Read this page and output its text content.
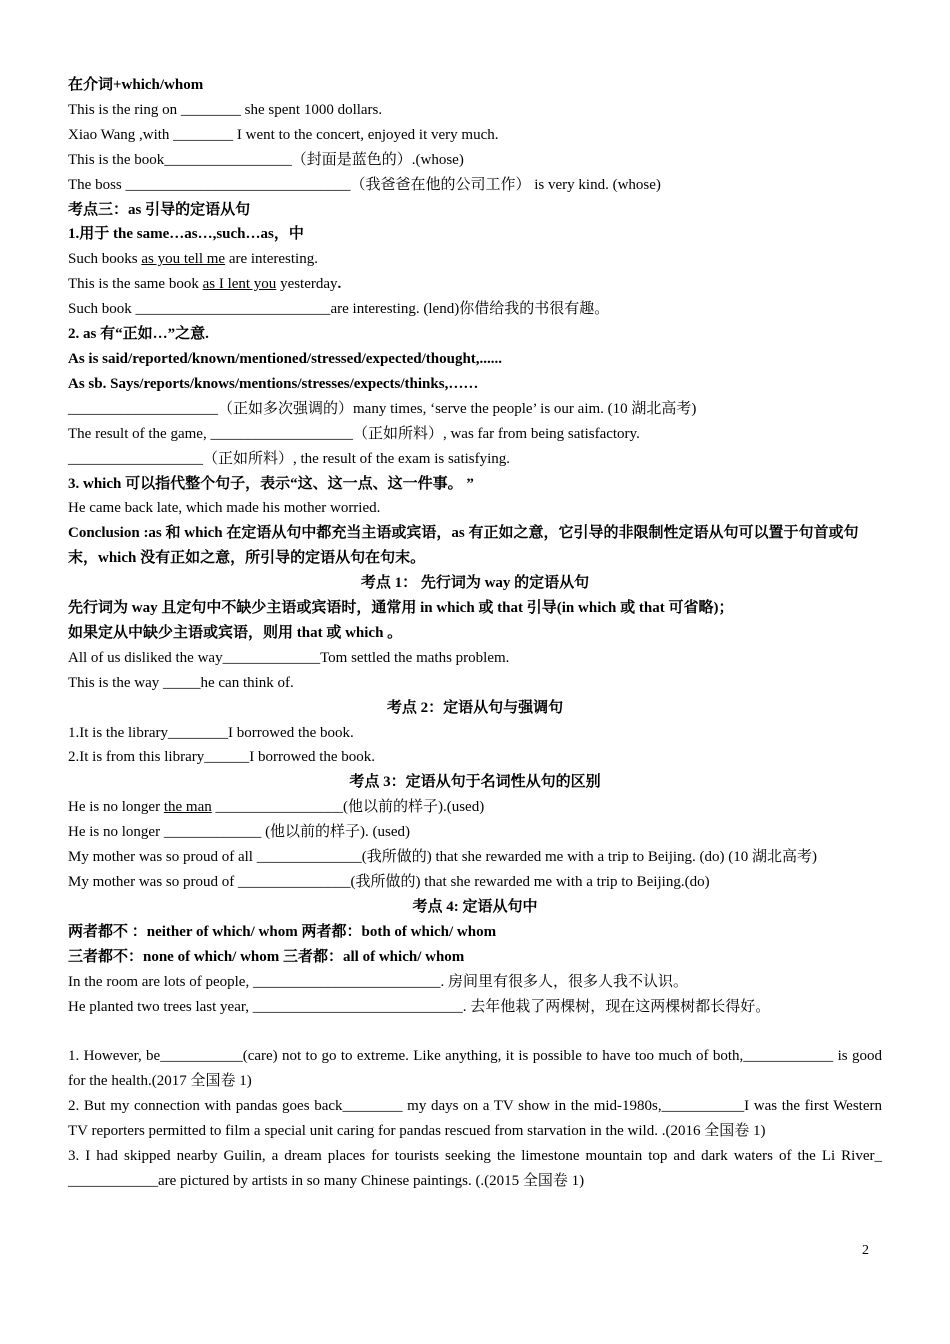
在介词+which/whom
This is the ring on ________ she spent 1000 dollars.
Xiao Wang ,with ________ I went to the concert, enjoyed it very much.
This is the book_________________（封面是蓝色的）.(whose)
The boss ______________________________（我爸爸在他的公司工作） is very kind. (whose)
考点三：as 引导的定语从句
1.用于 the same…as…,such…as，中
Such books as you tell me are interesting.
This is the same book as I lent you yesterday.
Such book __________________________are interesting. (lend)你借给我的书很有趣。
2. as 有“正如…”之意.
As is said/reported/known/mentioned/stressed/expected/thought,......
As sb. Says/reports/knows/mentions/stresses/expects/thinks,……
____________________（正如多次强调的）many times, ‘serve the people’ is our aim. (10 湖北高考)
The result of the game, ___________________（正如所料）, was far from being satisfactory.
__________________（正如所料）, the result of the exam is satisfying.
3. which 可以指代整个句子，表示“这、这一点、这一件事。 ”
He came back late, which made his mother worried.
Conclusion :as 和 which 在定语从句中都充当主语或宾语，as 有正如之意，它引导的非限制性定语从句可以置于句首或句末，which 没有正如之意，所引导的定语从句在句末。
考点 1： 先行词为 way 的定语从句
先行词为 way 且定句中不缺少主语或宾语时，通常用 in which 或 that 引导(in which 或 that 可省略)；
如果定从中缺少主语或宾语，则用 that 或 which 。
All of us disliked the way_____________Tom settled the maths problem.
This is the way _____he can think of.
考点 2：定语从句与强调句
1.It is the library________I borrowed the book.
2.It is from this library______I borrowed the book.
考点 3：定语从句于名词性从句的区别
He is no longer the man _________________(他以前的样子).(used)
He is no longer _____________ (他以前的样子). (used)
My mother was so proud of all ______________(我所做的) that she rewarded me with a trip to Beijing. (do) (10 湖北高考)
My mother was so proud of _______________(我所做的) that she rewarded me with a trip to Beijing.(do)
考点 4: 定语从句中
两者都不 ：neither of which/ whom 两者都：both of which/ whom
三者都不：none of which/ whom 三者都：all of which/ whom
In the room are lots of people, _________________________. 房间里有很多人，很多人我不认识。
He planted two trees last year, ____________________________. 去年他栽了两棵树，现在这两棵树都长得好。
1. However, be___________(care) not to go to extreme. Like anything, it is possible to have too much of both,____________ is good for the health.(2017 全国卷 1)
2. But my connection with pandas goes back________ my days on a TV show in the mid-1980s,___________I was the first Western TV reporters permitted to film a special unit caring for pandas rescued from starvation in the wild. .(2016 全国卷 1)
3. I had skipped nearby Guilin, a dream places for tourists seeking the limestone mountain top and dark waters of the Li River_ ____________are pictured by artists in so many Chinese paintings. (.(2015 全国卷 1)
2
